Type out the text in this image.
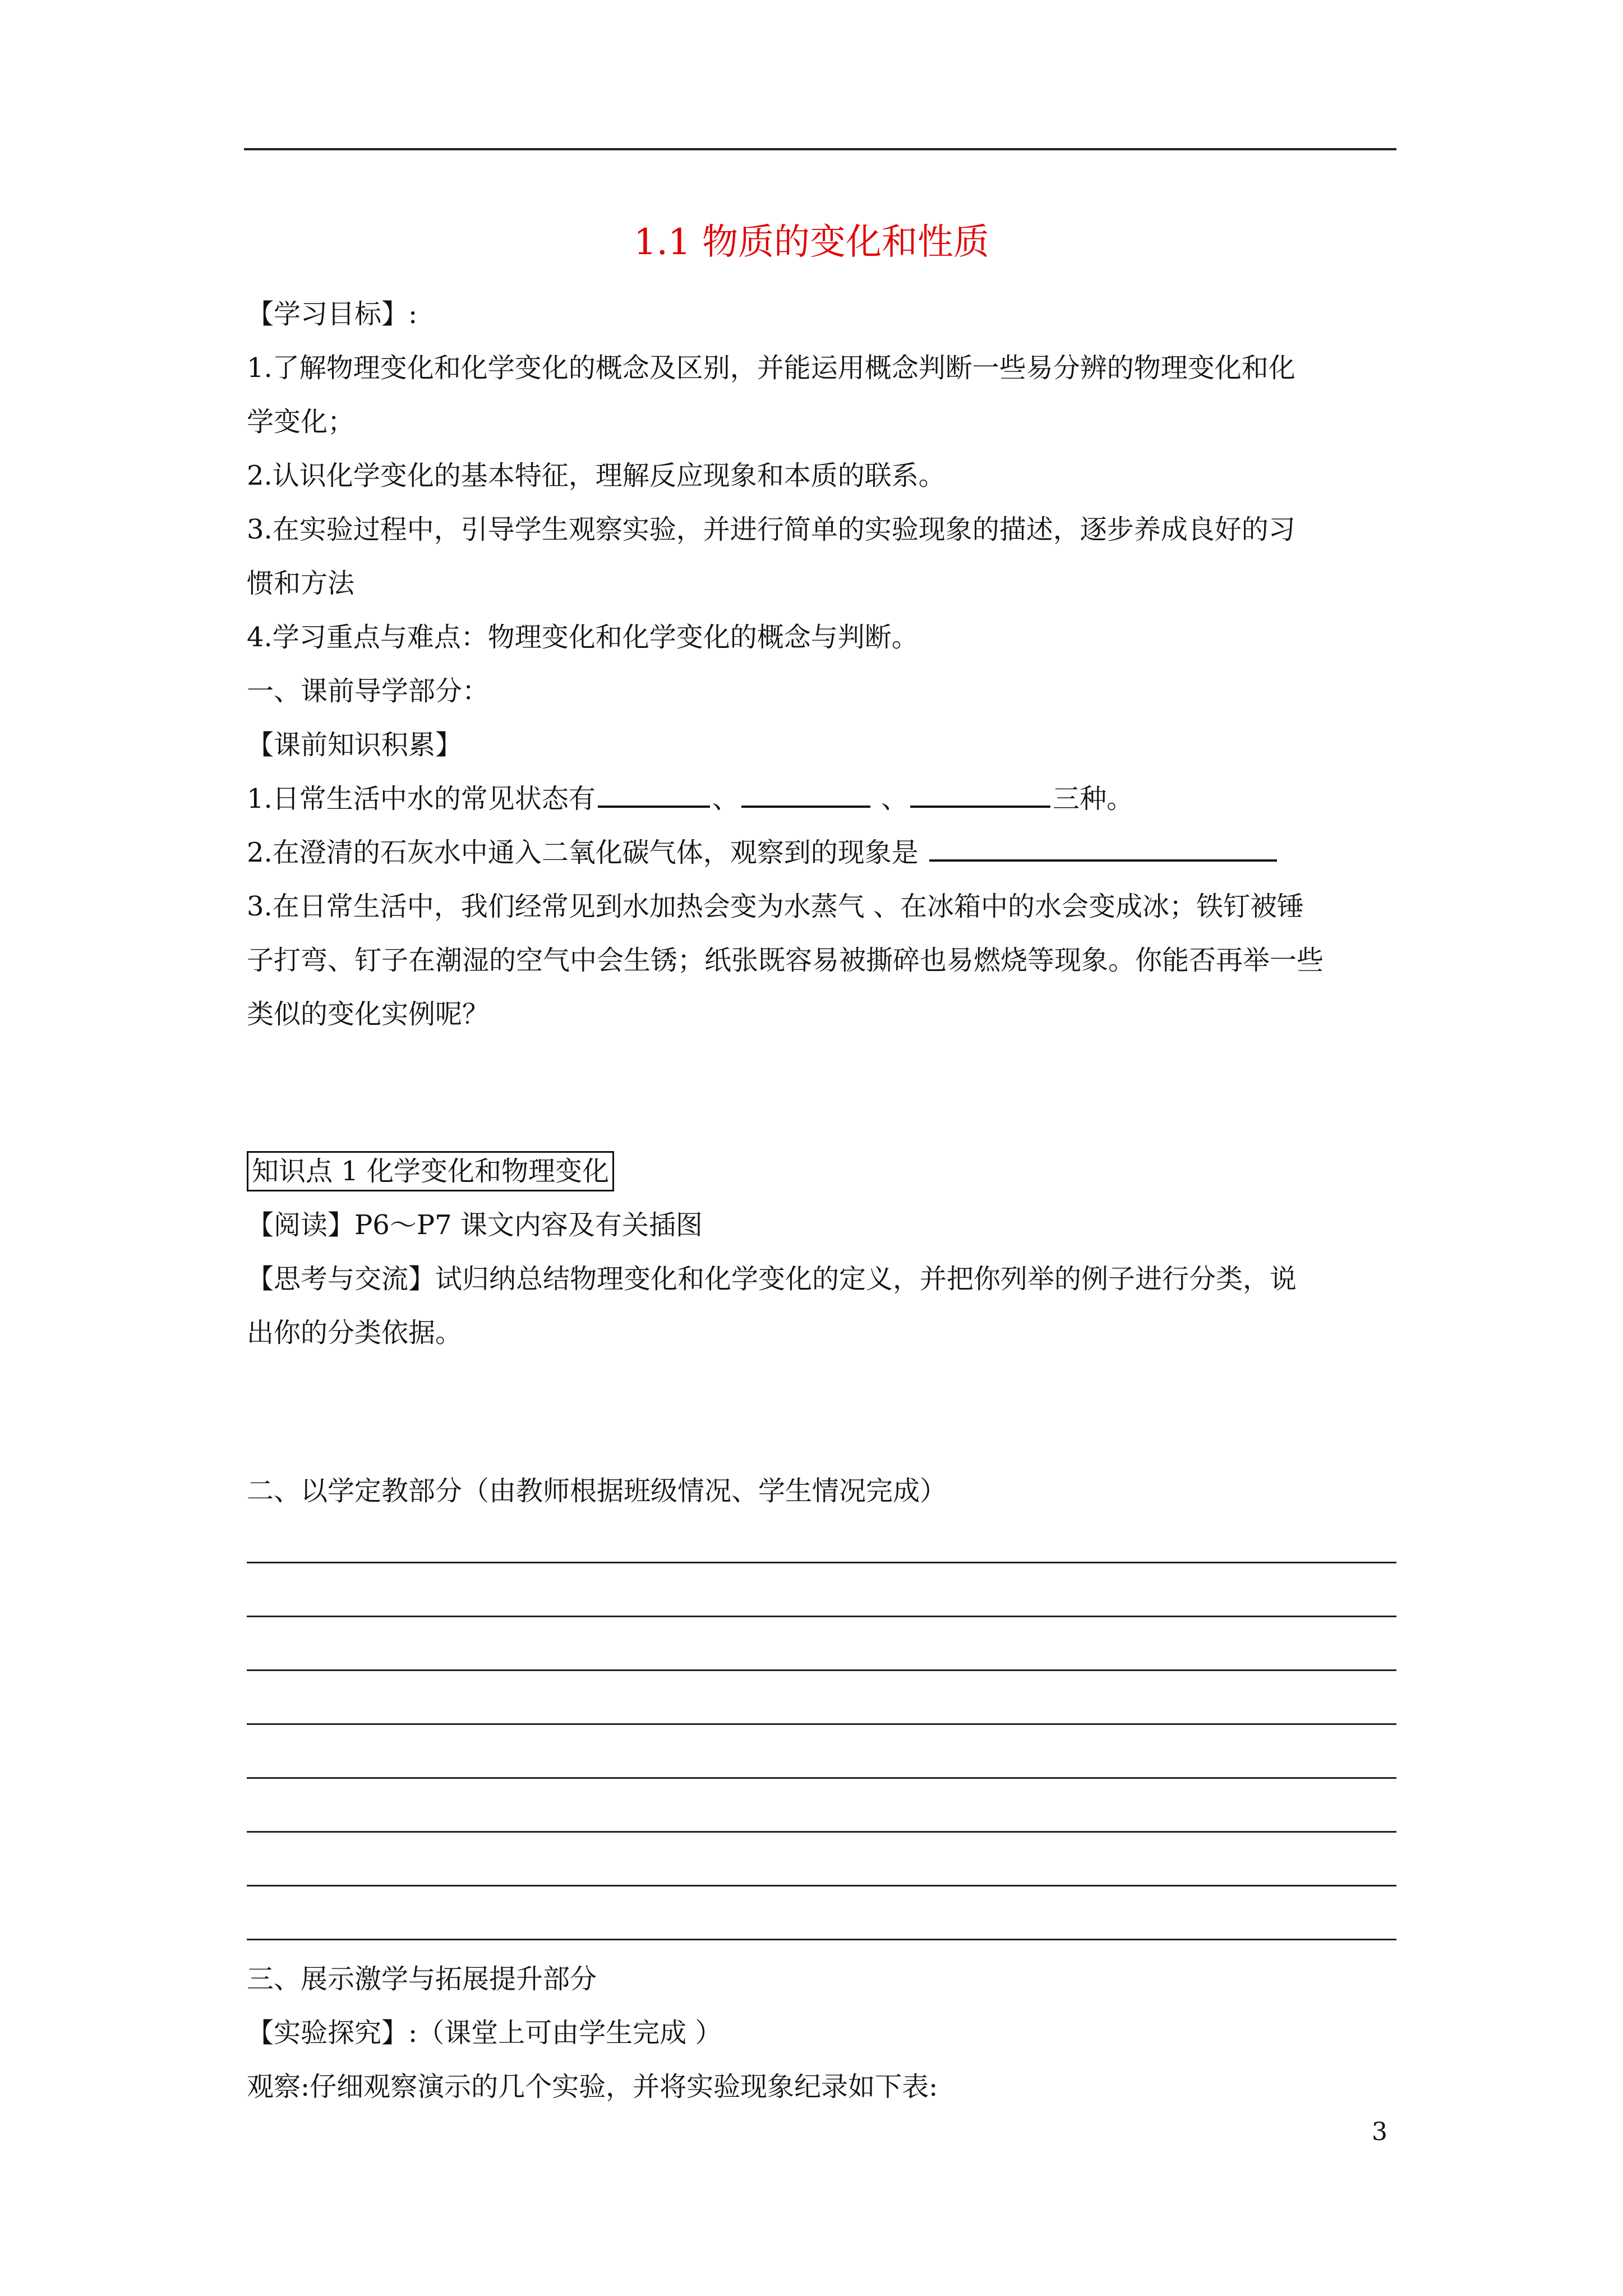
1.1 物质的变化和性质
【学习目标】:
1.了解物理变化和化学变化的概念及区别，并能运用概念判断一些易分辨的物理变化和化
学变化；
2.认识化学变化的基本特征，理解反应现象和本质的联系。
3.在实验过程中，引导学生观察实验，并进行简单的实验现象的描述，逐步养成良好的习
惯和方法
4.学习重点与难点：物理变化和化学变化的概念与判断。
一、课前导学部分：
【课前知识积累】
1.日常生活中水的常见状态有	、	、	三种。
2.在澄清的石灰水中通入二氧化碳气体，观察到的现象是
3.在日常生活中，我们经常见到水加热会变为水蒸气 、在冰箱中的水会变成冰；铁钉被锤
子打弯、钉子在潮湿的空气中会生锈；纸张既容易被撕碎也易燃烧等现象。你能否再举一些
类似的变化实例呢？
知识点 1 化学变化和物理变化
【阅读】P6～P7 课文内容及有关插图
【思考与交流】试归纳总结物理变化和化学变化的定义，并把你列举的例子进行分类，说
出你的分类依据。
二、以学定教部分（由教师根据班级情况、学生情况完成）
三、展示激学与拓展提升部分
【实验探究】:（课堂上可由学生完成 ）
观察:仔细观察演示的几个实验，并将实验现象纪录如下表:
3
